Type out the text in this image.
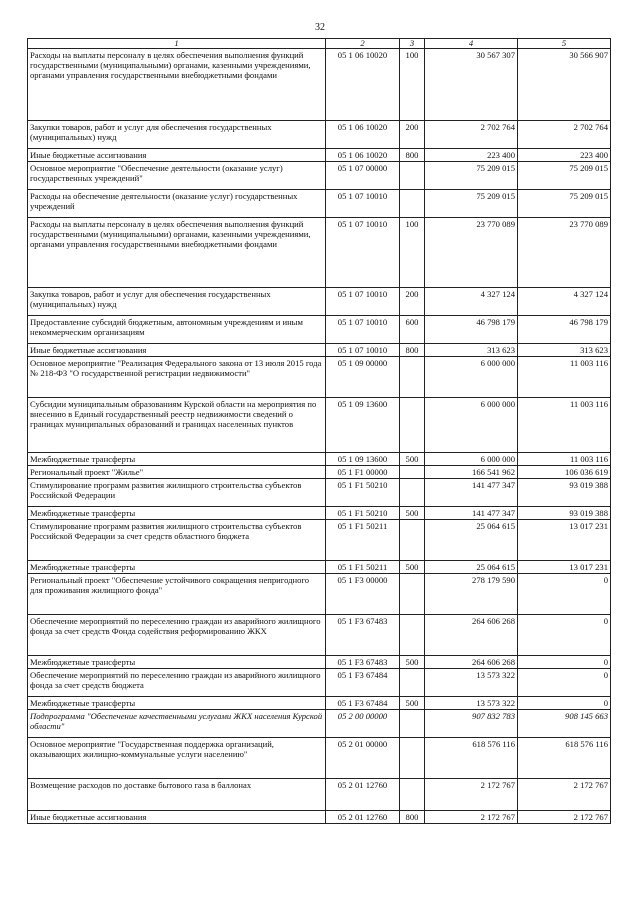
32
1	2	3	4	5
Расходы на выплаты персоналу в целях обеспечения выполнения функций государственными (муниципальными) органами, казенными учреждениями, органами управления государственными внебюджетными фондами	05 1 06 10020	100	30 567 307	30 566 907
Закупки товаров, работ и услуг для обеспечения государственных (муниципальных) нужд	05 1 06 10020	200	2 702 764	2 702 764
Иные бюджетные ассигнования	05 1 06 10020	800	223 400	223 400
Основное мероприятие "Обеспечение деятельности (оказание услуг) государственных учреждений"	05 1 07 00000		75 209 015	75 209 015
Расходы на обеспечение деятельности (оказание услуг) государственных учреждений	05 1 07 10010		75 209 015	75 209 015
Расходы на выплаты персоналу в целях обеспечения выполнения функций государственными (муниципальными) органами, казенными учреждениями, органами управления государственными внебюджетными фондами	05 1 07 10010	100	23 770 089	23 770 089
Закупка товаров, работ и услуг для обеспечения государственных (муниципальных) нужд	05 1 07 10010	200	4 327 124	4 327 124
Предоставление субсидий бюджетным, автономным учреждениям и иным некоммерческим организациям	05 1 07 10010	600	46 798 179	46 798 179
Иные бюджетные ассигнования	05 1 07 10010	800	313 623	313 623
Основное мероприятие "Реализация Федерального закона от 13 июля 2015 года № 218-ФЗ "О государственной регистрации недвижимости"	05 1 09 00000		6 000 000	11 003 116
Субсидии муниципальным образованиям Курской области на мероприятия по внесению в Единый государственный реестр недвижимости сведений о границах муниципальных образований и границах населенных пунктов	05 1 09 13600		6 000 000	11 003 116
Межбюджетные трансферты	05 1 09 13600	500	6 000 000	11 003 116
Региональный проект "Жилье"	05 1 F1 00000		166 541 962	106 036 619
Стимулирование программ развития жилищного строительства субъектов Российской Федерации	05 1 F1 50210		141 477 347	93 019 388
Межбюджетные трансферты	05 1 F1 50210	500	141 477 347	93 019 388
Стимулирование программ развития жилищного строительства субъектов Российской Федерации за счет средств областного бюджета	05 1 F1 50211		25 064 615	13 017 231
Межбюджетные трансферты	05 1 F1 50211	500	25 064 615	13 017 231
Региональный проект "Обеспечение устойчивого сокращения непригодного для проживания жилищного фонда"	05 1 F3 00000		278 179 590	0
Обеспечение мероприятий по переселению граждан из аварийного жилищного фонда за счет средств Фонда содействия реформированию ЖКХ	05 1 F3 67483		264 606 268	0
Межбюджетные трансферты	05 1 F3 67483	500	264 606 268	0
Обеспечение мероприятий по переселению граждан из аварийного жилищного фонда за счет средств бюджета	05 1 F3 67484		13 573 322	0
Межбюджетные трансферты	05 1 F3 67484	500	13 573 322	0
Подпрограмма "Обеспечение качественными услугами ЖКХ населения Курской области"	05 2 00 00000		907 832 783	908 145 663
Основное мероприятие "Государственная поддержка организаций, оказывающих жилищно-коммунальные услуги населению"	05 2 01 00000		618 576 116	618 576 116
Возмещение расходов по доставке бытового газа в баллонах	05 2 01 12760		2 172 767	2 172 767
Иные бюджетные ассигнования	05 2 01 12760	800	2 172 767	2 172 767
